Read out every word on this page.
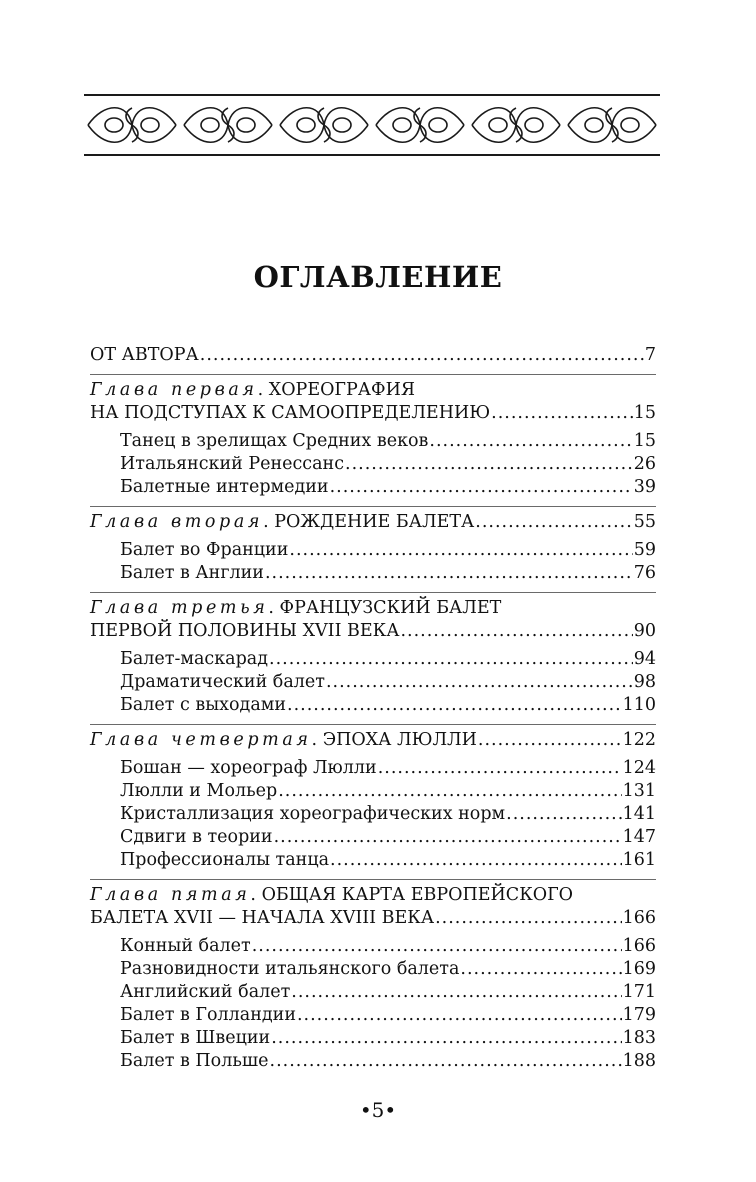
ОГЛАВЛЕНИЕ
ОТ АВТОРА .....	7
Глава первая. ХОРЕОГРАФИЯ
НА ПОДСТУПАХ К САМООПРЕДЕЛЕНИЮ .....	15
Танец в зрелищах Средних веков .....	15
Итальянский Ренессанс .....	26
Балетные интермедии .....	39
Глава вторая. РОЖДЕНИЕ БАЛЕТА .....	55
Балет во Франции .....	59
Балет в Англии .....	76
Глава третья. ФРАНЦУЗСКИЙ БАЛЕТ
ПЕРВОЙ ПОЛОВИНЫ XVII ВЕКА .....	90
Балет-маскарад .....	94
Драматический балет .....	98
Балет с выходами .....	110
Глава четвертая. ЭПОХА ЛЮЛЛИ .....	122
Бошан — хореограф Люлли .....	124
Люлли и Мольер .....	131
Кристаллизация хореографических норм .....	141
Сдвиги в теории .....	147
Профессионалы танца .....	161
Глава пятая. ОБЩАЯ КАРТА ЕВРОПЕЙСКОГО
БАЛЕТА XVII — НАЧАЛА XVIII ВЕКА .....	166
Конный балет .....	166
Разновидности итальянского балета .....	169
Английский балет .....	171
Балет в Голландии .....	179
Балет в Швеции .....	183
Балет в Польше .....	188
•5•
